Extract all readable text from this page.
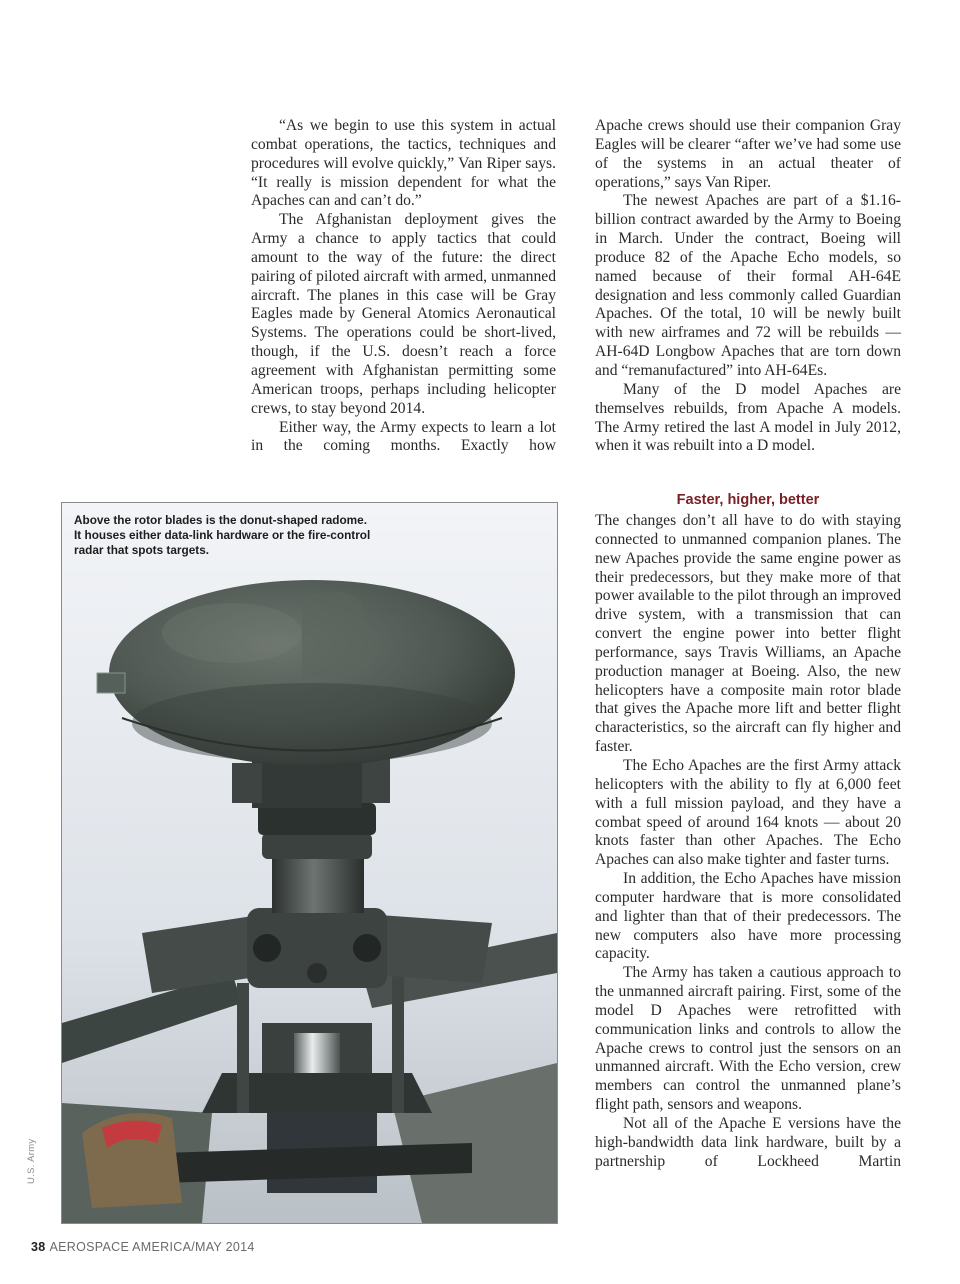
“As we begin to use this system in actual combat operations, the tactics, techniques and procedures will evolve quickly,” Van Riper says. “It really is mission dependent for what the Apaches can and can’t do.”

The Afghanistan deployment gives the Army a chance to apply tactics that could amount to the way of the future: the direct pairing of piloted aircraft with armed, unmanned aircraft. The planes in this case will be Gray Eagles made by General Atomics Aeronautical Systems. The operations could be short-lived, though, if the U.S. doesn’t reach a force agreement with Afghanistan permitting some American troops, perhaps including helicopter crews, to stay beyond 2014.

Either way, the Army expects to learn a lot in the coming months. Exactly how

Apache crews should use their companion Gray Eagles will be clearer “after we’ve had some use of the systems in an actual theater of operations,” says Van Riper.

The newest Apaches are part of a $1.16-billion contract awarded by the Army to Boeing in March. Under the contract, Boeing will produce 82 of the Apache Echo models, so named because of their formal AH-64E designation and less commonly called Guardian Apaches. Of the total, 10 will be newly built with new airframes and 72 will be rebuilds — AH-64D Longbow Apaches that are torn down and “remanufactured” into AH-64Es.

Many of the D model Apaches are themselves rebuilds, from Apache A models. The Army retired the last A model in July 2012, when it was rebuilt into a D model.

Faster, higher, better

The changes don’t all have to do with staying connected to unmanned companion planes. The new Apaches provide the same engine power as their predecessors, but they make more of that power available to the pilot through an improved drive system, with a transmission that can convert the engine power into better flight performance, says Travis Williams, an Apache production manager at Boeing. Also, the new helicopters have a composite main rotor blade that gives the Apache more lift and better flight characteristics, so the aircraft can fly higher and faster.

The Echo Apaches are the first Army attack helicopters with the ability to fly at 6,000 feet with a full mission payload, and they have a combat speed of around 164 knots — about 20 knots faster than other Apaches. The Echo Apaches can also make tighter and faster turns.

In addition, the Echo Apaches have mission computer hardware that is more consolidated and lighter than that of their predecessors. The new computers also have more processing capacity.

The Army has taken a cautious approach to the unmanned aircraft pairing. First, some of the model D Apaches were retrofitted with communication links and controls to allow the Apache crews to control just the sensors on an unmanned aircraft. With the Echo version, crew members can control the unmanned plane’s flight path, sensors and weapons.

Not all of the Apache E versions have the high-bandwidth data link hardware, built by a partnership of Lockheed Martin

Above the rotor blades is the donut-shaped radome. It houses either data-link hardware or the fire-control radar that spots targets.
U.S. Army
38 AEROSPACE AMERICA/MAY 2014
